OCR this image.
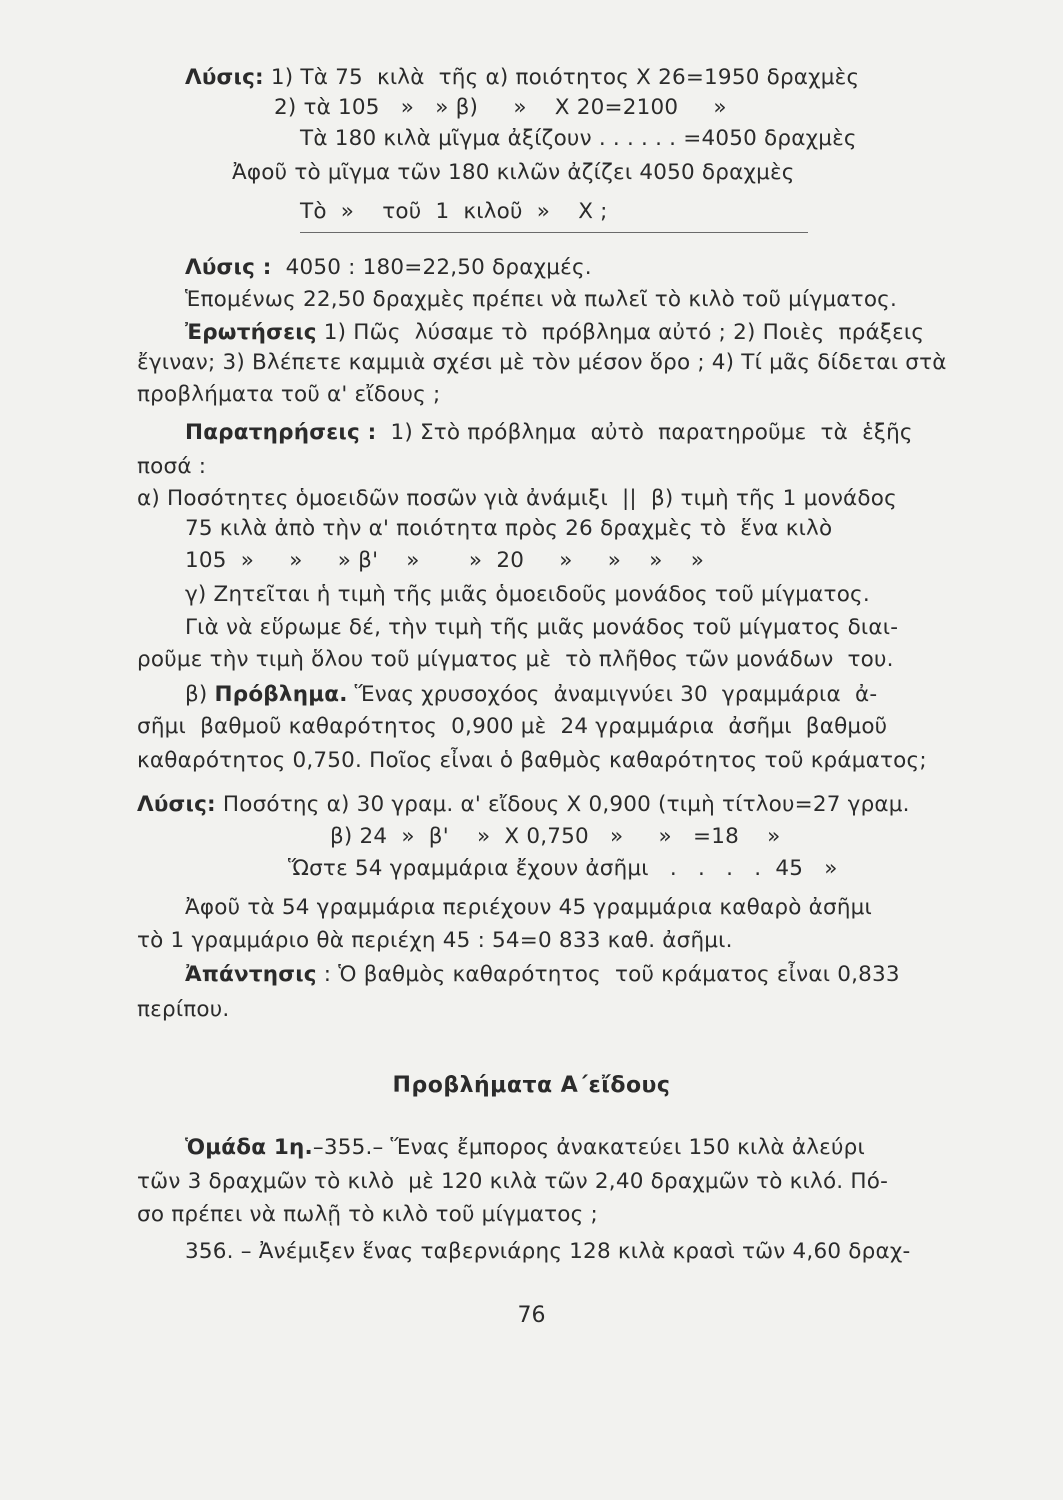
Λύσις: 1) Τὰ 75  κιλὰ  τῆς α) ποιότητος Χ 26=1950 δραχμὲς
2) τὰ 105   »   » β)     »    Χ 20=2100     »
Τὰ 180 κιλὰ μῖγμα ἀξίζουν . . . . . . =4050 δραχμὲς
Ἀφοῦ τὸ μῖγμα τῶν 180 κιλῶν ἀζίζει 4050 δραχμὲς
Τὸ  »    τοῦ  1  κιλοῦ  »    Χ ;
Λύσις : 4050 : 180=22,50 δραχμές.
Ἑπομένως 22,50 δραχμὲς πρέπει νὰ πωλεῖ τὸ κιλὸ τοῦ μίγματος.
Ἐρωτήσεις 1) Πῶς  λύσαμε τὸ  πρόβλημα αὐτό ; 2) Ποιὲς  πράξεις
ἔγιναν; 3) Βλέπετε καμμιὰ σχέσι μὲ τὸν μέσον ὅρο ; 4) Τί μᾶς δίδεται στὰ
προβλήματα τοῦ α' εἴδους ;
Παρατηρήσεις : 1) Στὸ πρόβλημα  αὐτὸ  παρατηροῦμε  τὰ  ἑξῆς
ποσά :
α) Ποσότητες ὁμοειδῶν ποσῶν γιὰ ἀνάμιξι  ||  β) τιμὴ τῆς 1 μονάδος
75 κιλὰ ἀπὸ τὴν α' ποιότητα πρὸς 26 δραχμὲς τὸ  ἕνα κιλὸ
105  »     »     » β'    »       »  20     »     »    »    »
γ) Ζητεῖται ἡ τιμὴ τῆς μιᾶς ὁμοειδοῦς μονάδος τοῦ μίγματος.
Γιὰ νὰ εὕρωμε δέ, τὴν τιμὴ τῆς μιᾶς μονάδος τοῦ μίγματος διαι-
ροῦμε τὴν τιμὴ ὅλου τοῦ μίγματος μὲ  τὸ πλῆθος τῶν μονάδων  του.
β) Πρόβλημα. Ἕνας χρυσοχόος  ἀναμιγνύει 30  γραμμάρια  ἀ-
σῆμι  βαθμοῦ καθαρότητος  0,900 μὲ  24 γραμμάρια  ἀσῆμι  βαθμοῦ
καθαρότητος 0,750. Ποῖος εἶναι ὁ βαθμὸς καθαρότητος τοῦ κράματος;
Λύσις: Ποσότης α) 30 γραμ. α' εἴδους Χ 0,900 (τιμὴ τίτλου=27 γραμ.
β) 24  »  β'    »  Χ 0,750   »     »   =18    »
Ὥστε 54 γραμμάρια ἔχουν ἀσῆμι   .   .   .   .  45   »
Ἀφοῦ τὰ 54 γραμμάρια περιέχουν 45 γραμμάρια καθαρὸ ἀσῆμι
τὸ 1 γραμμάριο θὰ περιέχη 45 : 54=0 833 καθ. ἀσῆμι.
Ἀπάντησις : Ὁ βαθμὸς καθαρότητος  τοῦ κράματος εἶναι 0,833
περίπου.
Προβλήματα Α΄εἴδους
Ὁμάδα 1η.–355.– Ἕνας ἔμπορος ἀνακατεύει 150 κιλὰ ἀλεύρι
τῶν 3 δραχμῶν τὸ κιλὸ  μὲ 120 κιλὰ τῶν 2,40 δραχμῶν τὸ κιλό. Πό-
σο πρέπει νὰ πωλῇ τὸ κιλὸ τοῦ μίγματος ;
356. – Ἀνέμιξεν ἕνας ταβερνιάρης 128 κιλὰ κρασὶ τῶν 4,60 δραχ-
76
